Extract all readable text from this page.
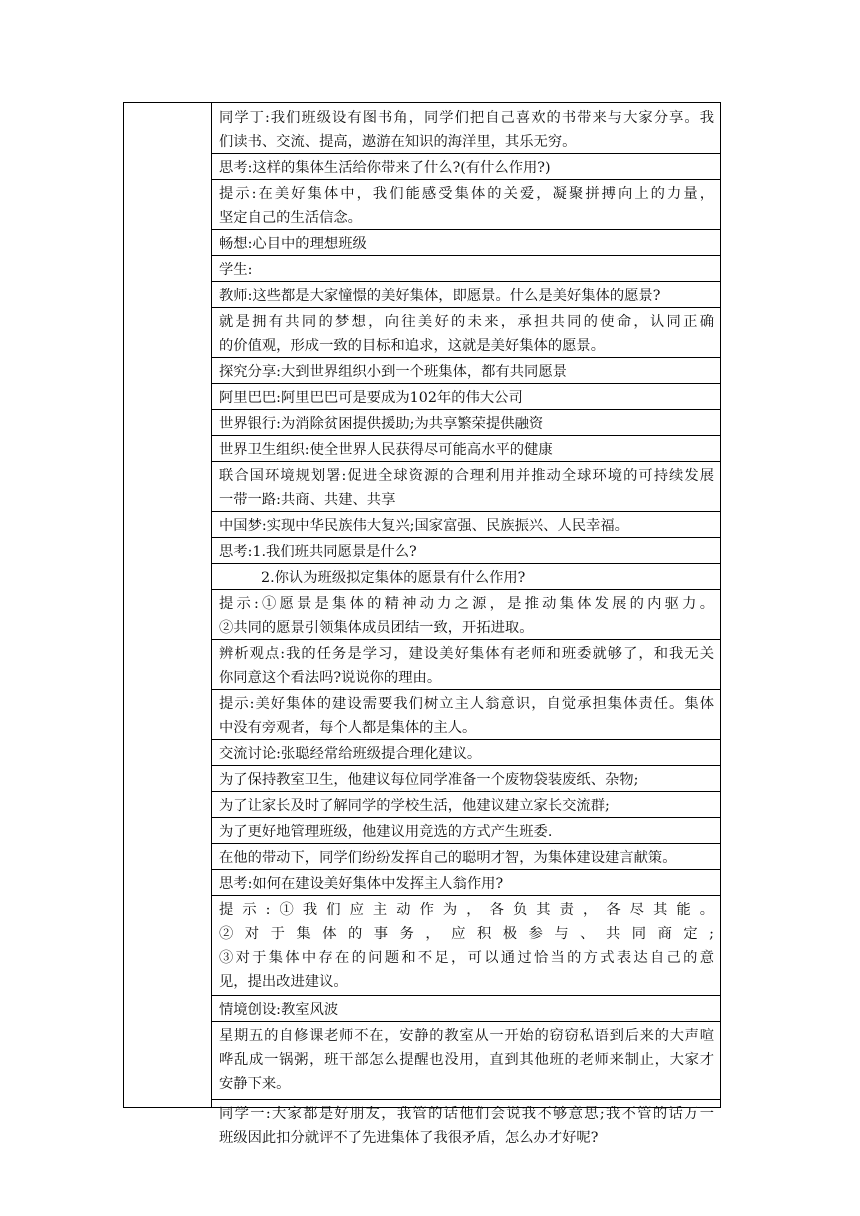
同学丁:我们班级设有图书角，同学们把自己喜欢的书带来与大家分享。我
们读书、交流、提高，遨游在知识的海洋里，其乐无穷。
思考:这样的集体生活给你带来了什么?(有什么作用?)
提示:在美好集体中，我们能感受集体的关爱，凝聚拼搏向上的力量，
坚定自己的生活信念。
畅想:心目中的理想班级
学生:
教师:这些都是大家憧憬的美好集体，即愿景。什么是美好集体的愿景?
就是拥有共同的梦想，向往美好的未来，承担共同的使命，认同正确
的价值观，形成一致的目标和追求，这就是美好集体的愿景。
探究分享:大到世界组织小到一个班集体，都有共同愿景
阿里巴巴:阿里巴巴可是要成为102年的伟大公司
世界银行:为消除贫困提供援助;为共享繁荣提供融资
世界卫生组织:使全世界人民获得尽可能高水平的健康
联合国环境规划署:促进全球资源的合理利用并推动全球环境的可持续发展
一带一路:共商、共建、共享
中国梦:实现中华民族伟大复兴;国家富强、民族振兴、人民幸福。
思考:1.我们班共同愿景是什么?
2.你认为班级拟定集体的愿景有什么作用?
提示:①愿景是集体的精神动力之源，是推动集体发展的内驱力。
②共同的愿景引领集体成员团结一致，开拓进取。
辨析观点:我的任务是学习，建设美好集体有老师和班委就够了，和我无关
你同意这个看法吗?说说你的理由。
提示:美好集体的建设需要我们树立主人翁意识，自觉承担集体责任。集体
中没有旁观者，每个人都是集体的主人。
交流讨论:张聪经常给班级提合理化建议。
为了保持教室卫生，他建议每位同学准备一个废物袋装废纸、杂物;
为了让家长及时了解同学的学校生活，他建议建立家长交流群;
为了更好地管理班级，他建议用竞选的方式产生班委.
在他的带动下，同学们纷纷发挥自己的聪明才智，为集体建设建言献策。
思考:如何在建设美好集体中发挥主人翁作用?
提示:①我们应主动作为，各负其责，各尽其能。
②对于集体的事务，应积极参与、共同商定;
③对于集体中存在的问题和不足，可以通过恰当的方式表达自己的意
见，提出改进建议。
情境创设:教室风波
星期五的自修课老师不在，安静的教室从一开始的窃窃私语到后来的大声喧
哗乱成一锅粥，班干部怎么提醒也没用，直到其他班的老师来制止，大家才
安静下来。
同学一:大家都是好朋友，我管的话他们会说我不够意思;我不管的话万一
班级因此扣分就评不了先进集体了我很矛盾，怎么办才好呢?
